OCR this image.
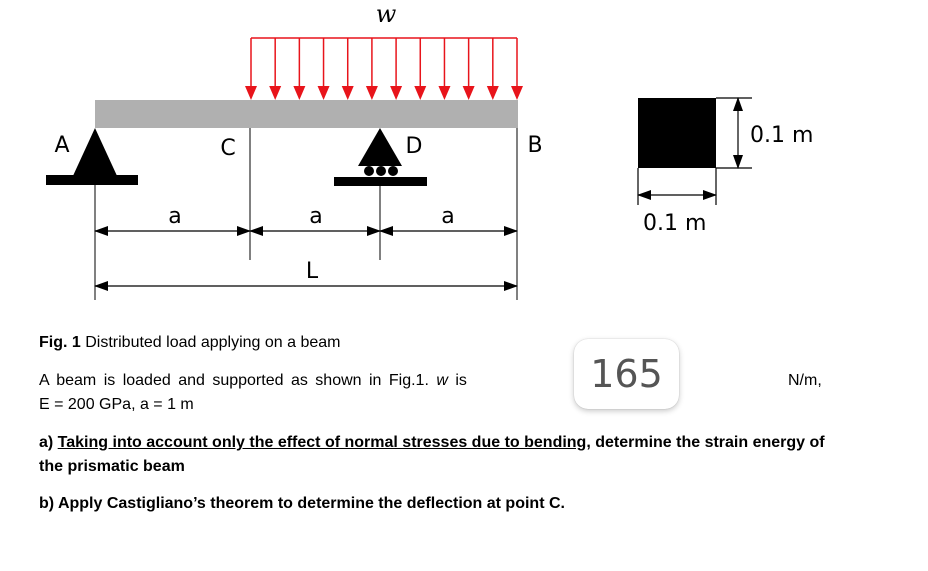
w
A	C	D	B
a	a	a
L
0.1 m
0.1 m
Fig. 1 Distributed load applying on a beam
A beam is loaded and supported as shown in Fig.1. w is	165	N/m,
E = 200 GPa, a = 1 m
a) Taking into account only the effect of normal stresses due to bending, determine the strain energy of
the prismatic beam
b) Apply Castigliano’s theorem to determine the deflection at point C.
